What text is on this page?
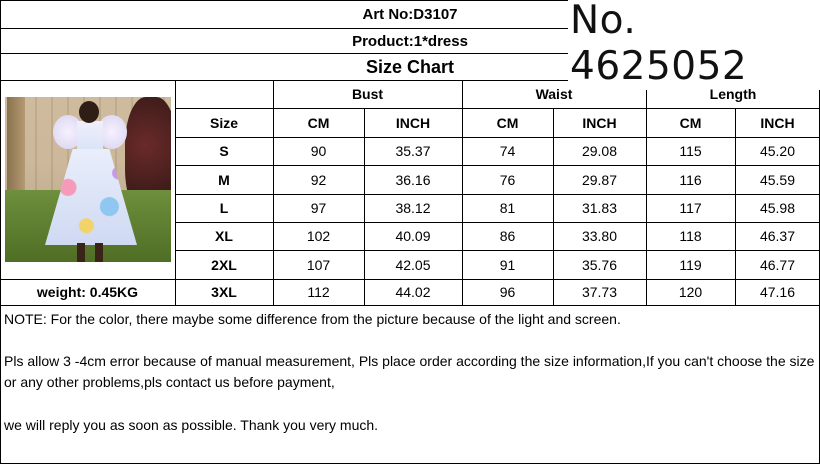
Art No:D3107
Product:1*dress
Size Chart
No. 4625052
weight: 0.45KG
Bust	Waist	Length
Size	CM	INCH	CM	INCH	CM	INCH
S	90	35.37	74	29.08	115	45.20
M	92	36.16	76	29.87	116	45.59
L	97	38.12	81	31.83	117	45.98
XL	102	40.09	86	33.80	118	46.37
2XL	107	42.05	91	35.76	119	46.77
3XL	112	44.02	96	37.73	120	47.16
NOTE: For the color, there maybe some difference from the picture because of the light and screen.
Pls allow 3 -4cm error because of manual measurement, Pls place order according the size information,If you can't choose the size or any other problems,pls contact us before payment,
we will reply you as soon as possible. Thank you very much.
